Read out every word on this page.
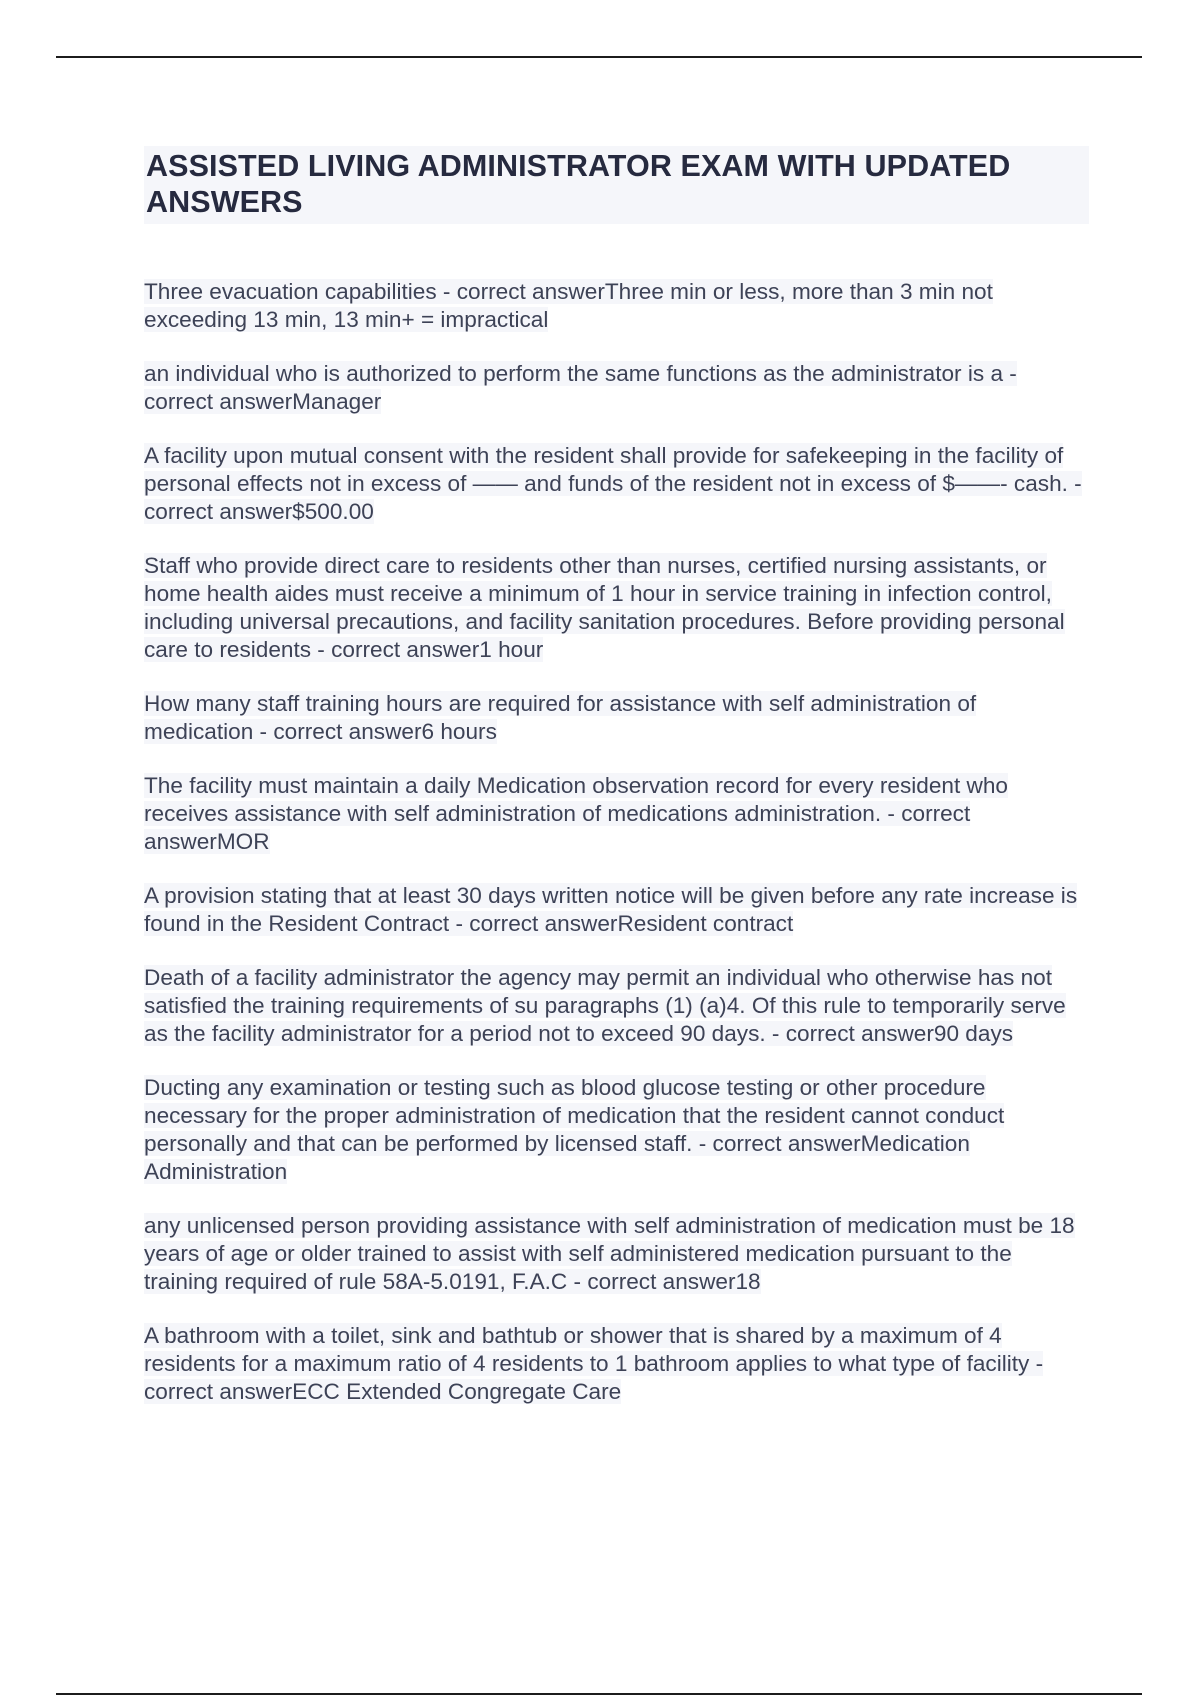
ASSISTED LIVING ADMINISTRATOR EXAM WITH UPDATED ANSWERS
Three evacuation capabilities - correct answerThree min or less, more than 3 min not exceeding 13 min, 13 min+ = impractical
an individual who is authorized to perform the same functions as the administrator is a - correct answerManager
A facility upon mutual consent with the resident shall provide for safekeeping in the facility of personal effects not in excess of —— and funds of the resident not in excess of $——- cash. - correct answer$500.00
Staff who provide direct care to residents other than nurses, certified nursing assistants, or home health aides must receive a minimum of 1 hour in service training in infection control, including universal precautions, and facility sanitation procedures. Before providing personal care to residents - correct answer1 hour
How many staff training hours are required for assistance with self administration of medication - correct answer6 hours
The facility must maintain a daily Medication observation record for every resident who receives assistance with self administration of medications administration. - correct answerMOR
A provision stating that at least 30 days written notice will be given before any rate increase is found in the Resident Contract - correct answerResident contract
Death of a facility administrator the agency may permit an individual who otherwise has not satisfied the training requirements of su paragraphs (1) (a)4. Of this rule to temporarily serve as the facility administrator for a period not to exceed 90 days. - correct answer90 days
Ducting any examination or testing such as blood glucose testing or other procedure necessary for the proper administration of medication that the resident cannot conduct personally and that can be performed by licensed staff. - correct answerMedication Administration
any unlicensed person providing assistance with self administration of medication must be 18 years of age or older trained to assist with self administered medication pursuant to the training required of rule 58A-5.0191, F.A.C - correct answer18
A bathroom with a toilet, sink and bathtub or shower that is shared by a maximum of 4 residents for a maximum ratio of 4 residents to 1 bathroom applies to what type of facility - correct answerECC Extended Congregate Care
